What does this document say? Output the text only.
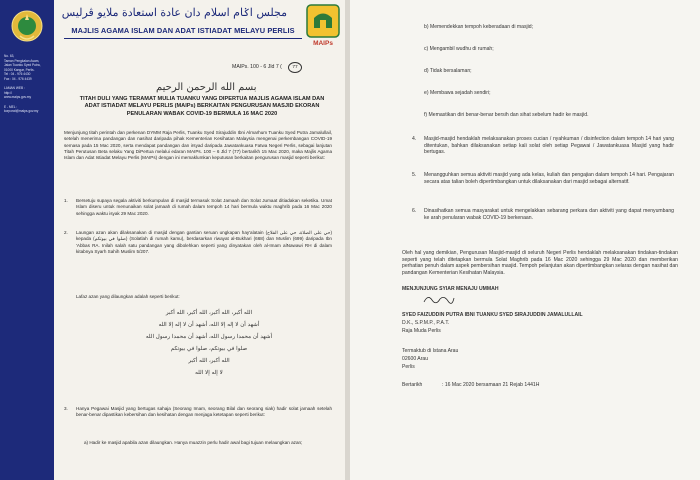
No. 63,
Taman Pengkalan Asam,
Jalan Tuanku Syed Putra,
01000 Kangar, Perlis.
Tel : 04 - 976 4430
Fax : 04 - 976 4439

LAMAN WEB :
http://
www.maips.gov.my

E - MEL :
korporat@maips.gov.my
مجلس اݢام اسلام دان عادة استعادة ملايو ڤرليس
MAJLIS AGAMA ISLAM DAN ADAT ISTIADAT MELAYU PERLIS
MAIPs
MAIPs. 100 - 6 Jld 7 (	77
بسم الله الرحمن الرحيم
TITAH DULI YANG TERAMAT MULIA TUANKU YANG DIPERTUA MAJLIS AGAMA ISLAM DAN ADAT ISTIADAT MELAYU PERLIS (MAIPs) BERKAITAN PENGURUSAN MASJID EKORAN PENULARAN WABAK COVID-19 BERMULA 16 MAC 2020
Menjunjung titah perintah dan perkenan DYMM Raja Perlis, Tuanku Syed Sirajuddin Ibni Almarhum Tuanku Syed Putra Jamalullail, setelah menerima pandangan dan nasihat daripada pihak Kementerian Kesihatan Malaysia mengenai perkembangan COVID-19 semasa pada 15 Mac 2020, serta mendapat pandangan dan irsyad daripada Jawatankuasa Fatwa Negeri Perlis, sebagai lanjutan Titah Perutusan Beta selaku Yang DiPertua melalui edaran MAIPs. 100 – 6 Jld 7 (77) bertarikh 15 Mac 2020, maka Majlis Agama Islam dan Adat Istiadat Melayu Perlis (MAIPs) dengan ini memaklumkan keputusan berkaitan pengurusan masjid seperti berikut:
1. Bersetuju supaya segala aktiviti berkumpulan di masjid termasuk Solat Jamaah dan Solat Jumaat ditiadakan seketika. Umat Islam diseru untuk menunaikan solat jamaah di rumah dalam tempoh 14 hari bermula waktu maghrib pada 16 Mac 2020 sehingga waktu isyak 29 Mac 2020.
2. Laungan azan akan dilaksanakan di masjid dengan gantian seruan ungkapan hay'alatain (حي على الصلاة، حي على الفلاح) kepada (صلوا في بيوتكم) (Solatlah di rumah kamu), berdasarkan riwayat al-Bukhari (668) dan Muslim (699) daripada Ibn 'Abbas RA. Inilah salah satu pandangan yang dibolehkan seperti yang dinyatakan oleh al-Imam alNawawi RH di dalam kitabnya Syarh Sahih Muslim 5/207.
Lafaz azan yang dilaungkan adalah seperti berikut:
الله أكبر، الله أكبر، الله أكبر، الله أكبر
أشهد أن لا إله إلا الله، أشهد أن لا إله إلا الله
أشهد أن محمدا رسول الله، أشهد أن محمدا رسول الله
صلوا في بيوتكم، صلوا في بيوتكم
الله أكبر، الله أكبر
لا إله إلا الله
3. Hanya Pegawai Masjid yang bertugas sahaja (Seorang Imam, seorang Bilal dan seorang siak) hadir solat jamaah setelah benar-benar dipastikan kebersihan dan kesihatan dengan menjaga ketetapan seperti berikut:
a) Hadir ke masjid apabila azan dilaungkan. Hanya muazzin perlu hadir awal bagi tujuan melaungkan azan;
b) Memendekkan tempoh keberadaan di masjid;
c) Mengambil wudhu di rumah;
d) Tidak bersalaman;
e) Membawa sejadah sendiri;
f) Memastikan diri benar-benar bersih dan sihat sebelum hadir ke masjid.
4. Masjid-masjid hendaklah melaksanakan proses cucian / nyahkuman / disinfection dalam tempoh 14 hari yang ditentukan, bahkan dilaksanakan setiap kali solat oleh setiap Pegawai / Jawatankuasa Masjid yang hadir bertugas.
5. Menangguhkan semua aktiviti masjid yang ada kelas, kuliah dan pengajian dalam tempoh 14 hari. Pengajaran secara atas talian boleh dipertimbangkan untuk dilaksanakan dari masjid sebagai alternatif.
6. Dinasihatkan semua masyarakat untuk mengelakkan sebarang perkara dan aktiviti yang dapat menyumbang ke arah penularan wabak COVID-19 berkenaan.
Oleh hal yang demikian, Pengurusan Masjid-masjid di seluruh Negeri Perlis hendaklah melaksanakan tindakan-tindakan seperti yang telah ditetapkan bermula Solat Maghrib pada 16 Mac 2020 sehingga 29 Mac 2020 dan memberikan perhatian penuh dalam aspek pembersihan masjid. Tempoh pelanjutan akan dipertimbangkan selaras dengan nasihat dan pandangan Kementerian Kesihatan Malaysia.
MENJUNJUNG SYIAR MENAJU UMMAH
SYED FAIZUDDIN PUTRA IBNI TUANKU SYED SIRAJUDDIN JAMALULLAIL
D.K., S.P.M.P., P.A.T.
Raja Muda Perlis
Termaktub di Istana Arau
02600 Arau
Perlis
Bertarikh	: 16 Mac 2020 bersamaan 21 Rejab 1441H
